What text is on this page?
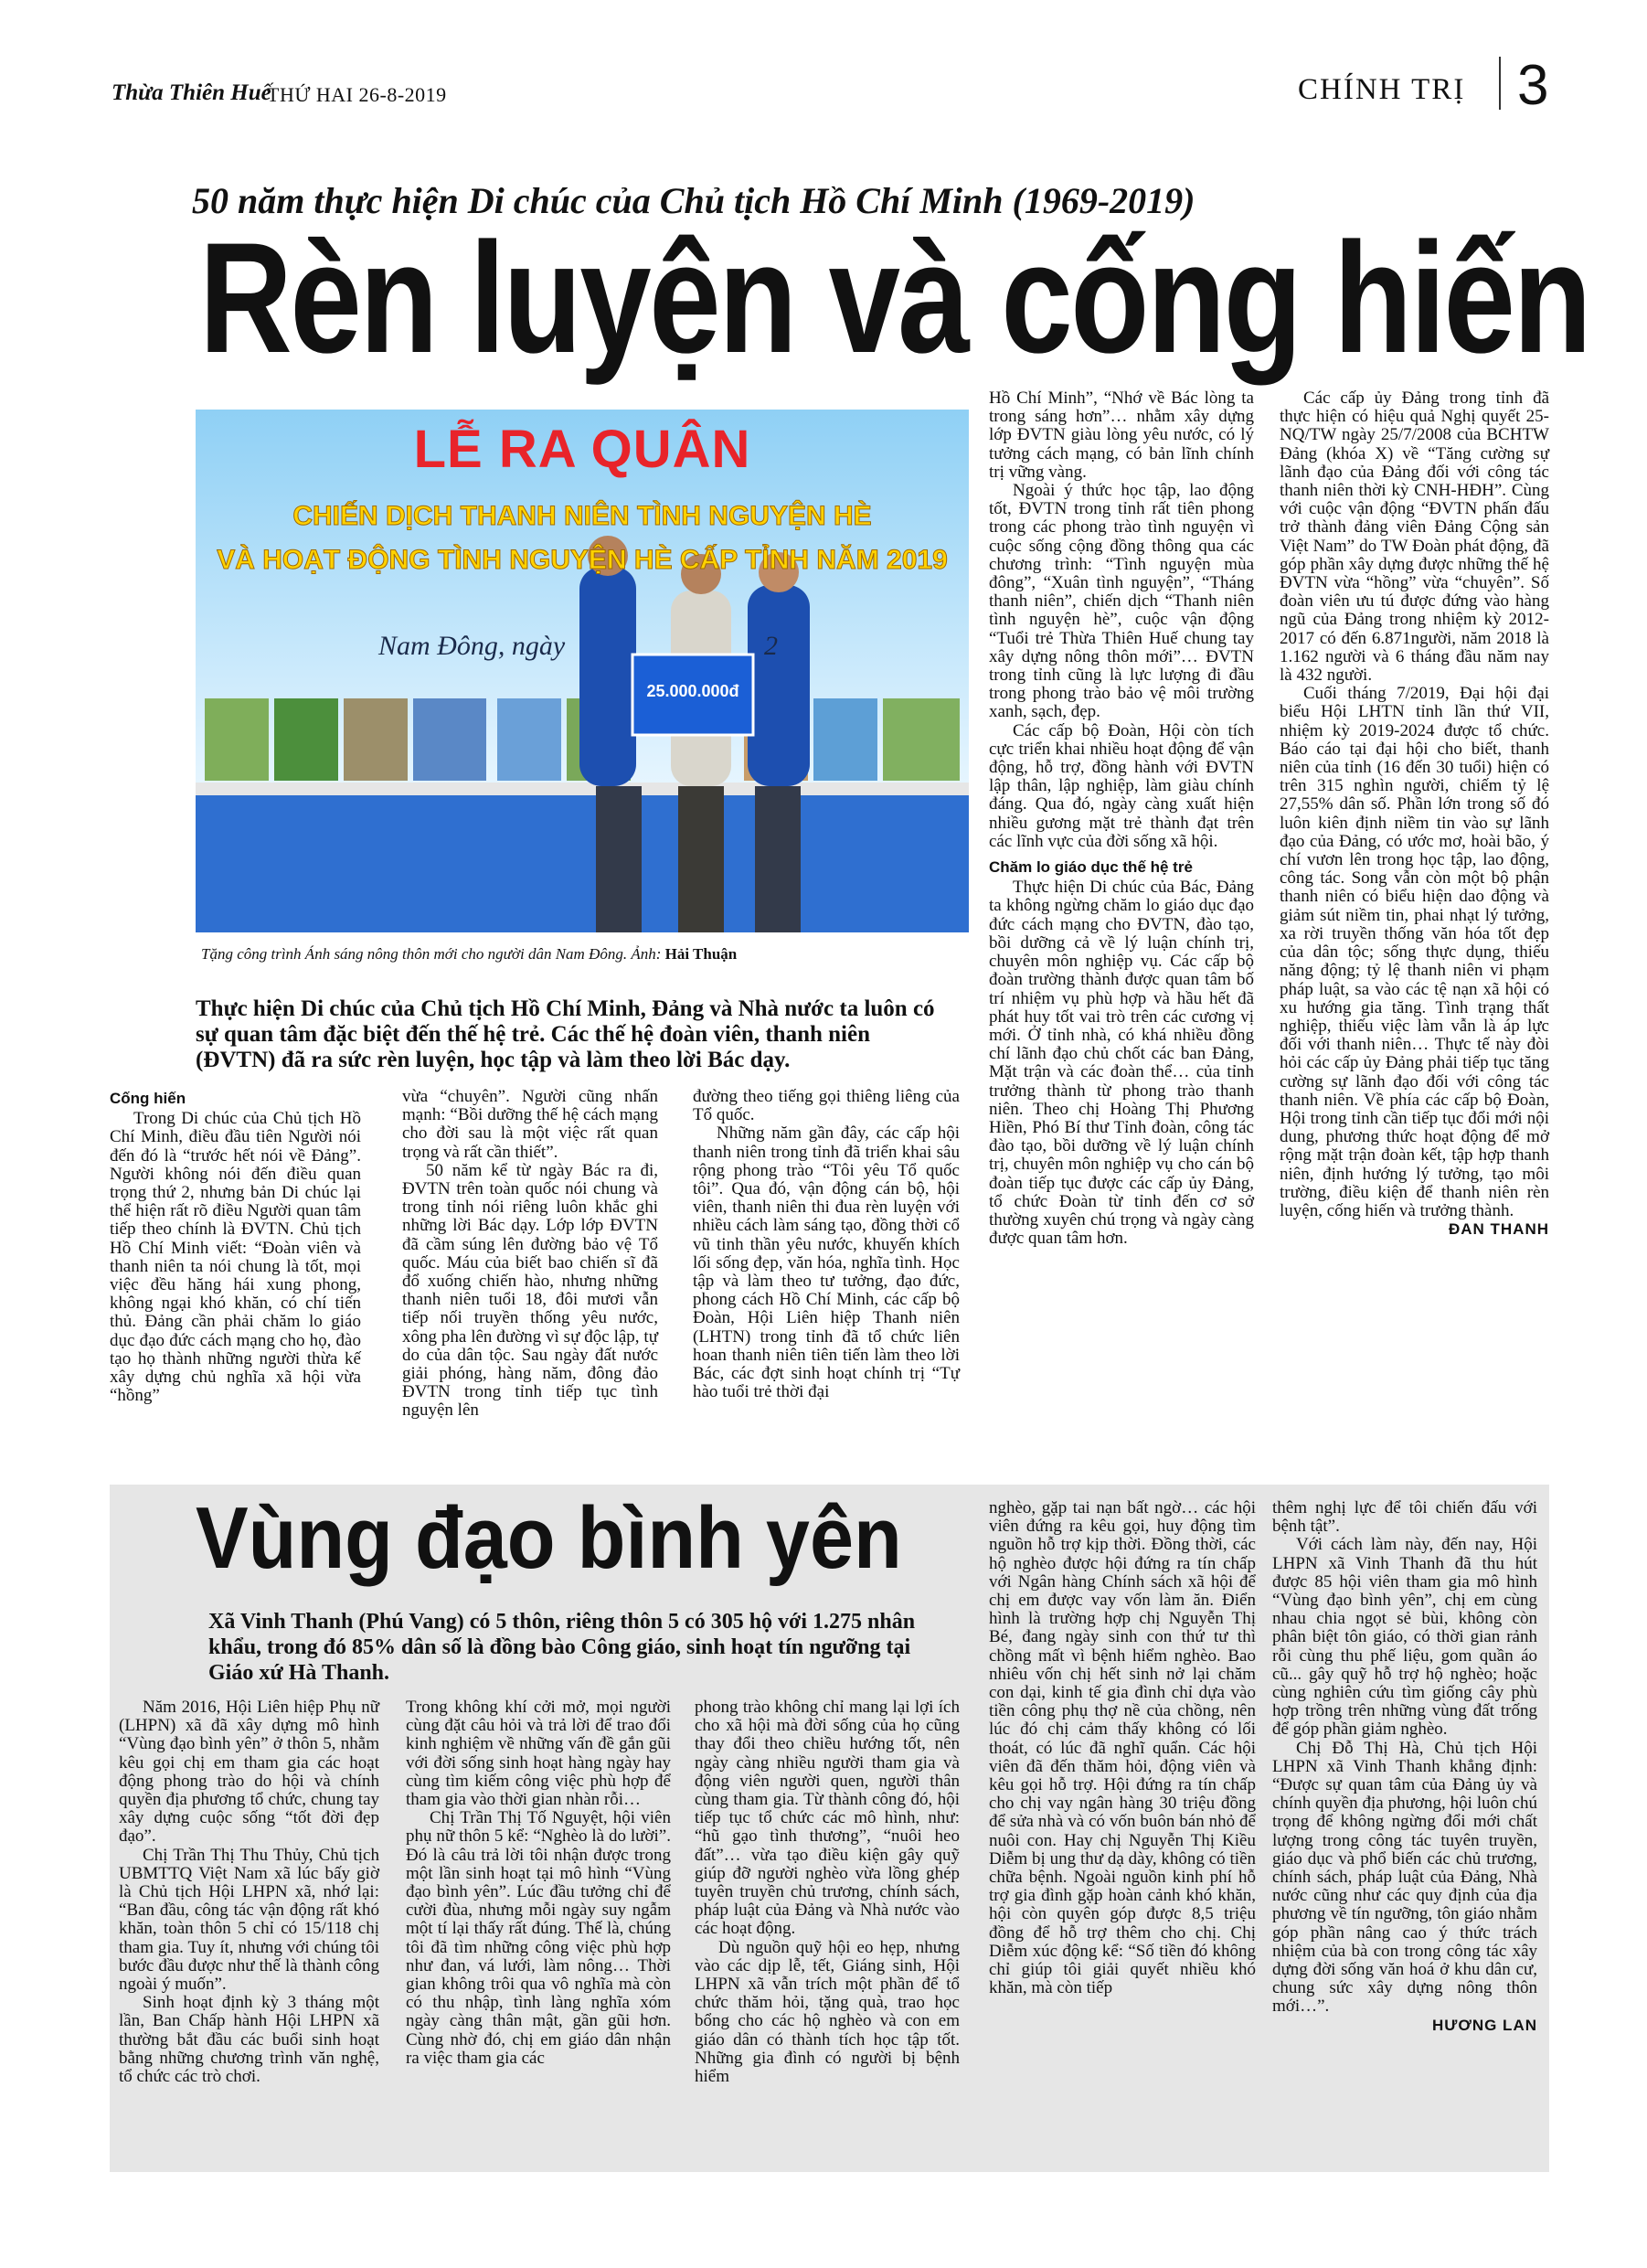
Thừa Thiên Huế
THỨ HAI 26-8-2019	CHÍNH TRỊ 3
50 năm thực hiện Di chúc của Chủ tịch Hồ Chí Minh (1969-2019)
Rèn luyện và cống hiến
LỄ RA QUÂN
CHIẾN DỊCH THANH NIÊN TÌNH NGUYỆN HÈ
VÀ HOẠT ĐỘNG TÌNH NGUYỆN HÈ CẤP TỈNH NĂM 2019
Nam Đông, ngày	2
25.000.000đ
Tặng công trình Ánh sáng nông thôn mới cho người dân Nam Đông. Ảnh: Hải Thuận
Thực hiện Di chúc của Chủ tịch Hồ Chí Minh, Đảng và Nhà nước ta luôn có sự quan tâm đặc biệt đến thế hệ trẻ. Các thế hệ đoàn viên, thanh niên (ĐVTN) đã ra sức rèn luyện, học tập và làm theo lời Bác dạy.
Cống hiến

Trong Di chúc của Chủ tịch Hồ Chí Minh, điều đầu tiên Người nói đến đó là “trước hết nói về Đảng”. Người không nói đến điều quan trọng thứ 2, nhưng bản Di chúc lại thể hiện rất rõ điều Người quan tâm tiếp theo chính là ĐVTN. Chủ tịch Hồ Chí Minh viết: “Đoàn viên và thanh niên ta nói chung là tốt, mọi việc đều hăng hái xung phong, không ngại khó khăn, có chí tiến thủ. Đảng cần phải chăm lo giáo dục đạo đức cách mạng cho họ, đào tạo họ thành những người thừa kế xây dựng chủ nghĩa xã hội vừa “hồng”

vừa “chuyên”. Người cũng nhấn mạnh: “Bồi dưỡng thế hệ cách mạng cho đời sau là một việc rất quan trọng và rất cần thiết”.

50 năm kể từ ngày Bác ra đi, ĐVTN trên toàn quốc nói chung và trong tỉnh nói riêng luôn khắc ghi những lời Bác dạy. Lớp lớp ĐVTN đã cầm súng lên đường bảo vệ Tổ quốc. Máu của biết bao chiến sĩ đã đổ xuống chiến hào, nhưng những thanh niên tuổi 18, đôi mươi vẫn tiếp nối truyền thống yêu nước, xông pha lên đường vì sự độc lập, tự do của dân tộc. Sau ngày đất nước giải phóng, hàng năm, đông đảo ĐVTN trong tỉnh tiếp tục tình nguyện lên

đường theo tiếng gọi thiêng liêng của Tổ quốc.

Những năm gần đây, các cấp hội thanh niên trong tỉnh đã triển khai sâu rộng phong trào “Tôi yêu Tổ quốc tôi”. Qua đó, vận động cán bộ, hội viên, thanh niên thi đua rèn luyện với nhiều cách làm sáng tạo, đồng thời cổ vũ tinh thần yêu nước, khuyến khích lối sống đẹp, văn hóa, nghĩa tình. Học tập và làm theo tư tưởng, đạo đức, phong cách Hồ Chí Minh, các cấp bộ Đoàn, Hội Liên hiệp Thanh niên (LHTN) trong tỉnh đã tổ chức liên hoan thanh niên tiên tiến làm theo lời Bác, các đợt sinh hoạt chính trị “Tự hào tuổi trẻ thời đại

Hồ Chí Minh”, “Nhớ về Bác lòng ta trong sáng hơn”… nhằm xây dựng lớp ĐVTN giàu lòng yêu nước, có lý tưởng cách mạng, có bản lĩnh chính trị vững vàng.

Ngoài ý thức học tập, lao động tốt, ĐVTN trong tỉnh rất tiên phong trong các phong trào tình nguyện vì cuộc sống cộng đồng thông qua các chương trình: “Tình nguyện mùa đông”, “Xuân tình nguyện”, “Tháng thanh niên”, chiến dịch “Thanh niên tình nguyện hè”, cuộc vận động “Tuổi trẻ Thừa Thiên Huế chung tay xây dựng nông thôn mới”… ĐVTN trong tỉnh cũng là lực lượng đi đầu trong phong trào bảo vệ môi trường xanh, sạch, đẹp.

Các cấp bộ Đoàn, Hội còn tích cực triển khai nhiều hoạt động để vận động, hỗ trợ, đồng hành với ĐVTN lập thân, lập nghiệp, làm giàu chính đáng. Qua đó, ngày càng xuất hiện nhiều gương mặt trẻ thành đạt trên các lĩnh vực của đời sống xã hội.

Chăm lo giáo dục thế hệ trẻ

Thực hiện Di chúc của Bác, Đảng ta không ngừng chăm lo giáo dục đạo đức cách mạng cho ĐVTN, đào tạo, bồi dưỡng cả về lý luận chính trị, chuyên môn nghiệp vụ. Các cấp bộ đoàn trường thành được quan tâm bố trí nhiệm vụ phù hợp và hầu hết đã phát huy tốt vai trò trên các cương vị mới. Ở tỉnh nhà, có khá nhiều đồng chí lãnh đạo chủ chốt các ban Đảng, Mặt trận và các đoàn thể… của tỉnh trưởng thành từ phong trào thanh niên. Theo chị Hoàng Thị Phương Hiền, Phó Bí thư Tỉnh đoàn, công tác đào tạo, bồi dưỡng về lý luận chính trị, chuyên môn nghiệp vụ cho cán bộ đoàn tiếp tục được các cấp ủy Đảng, tổ chức Đoàn từ tỉnh đến cơ sở thường xuyên chú trọng và ngày càng được quan tâm hơn.

Các cấp ủy Đảng trong tỉnh đã thực hiện có hiệu quả Nghị quyết 25-NQ/TW ngày 25/7/2008 của BCHTW Đảng (khóa X) về “Tăng cường sự lãnh đạo của Đảng đối với công tác thanh niên thời kỳ CNH-HĐH”. Cùng với cuộc vận động “ĐVTN phấn đấu trở thành đảng viên Đảng Cộng sản Việt Nam” do TW Đoàn phát động, đã góp phần xây dựng được những thế hệ ĐVTN vừa “hồng” vừa “chuyên”. Số đoàn viên ưu tú được đứng vào hàng ngũ của Đảng trong nhiệm kỳ 2012-2017 có đến 6.871người, năm 2018 là 1.162 người và 6 tháng đầu năm nay là 432 người.

Cuối tháng 7/2019, Đại hội đại biểu Hội LHTN tỉnh lần thứ VII, nhiệm kỳ 2019-2024 được tổ chức. Báo cáo tại đại hội cho biết, thanh niên của tỉnh (16 đến 30 tuổi) hiện có trên 315 nghìn người, chiếm tỷ lệ 27,55% dân số. Phần lớn trong số đó luôn kiên định niềm tin vào sự lãnh đạo của Đảng, có ước mơ, hoài bão, ý chí vươn lên trong học tập, lao động, công tác. Song vẫn còn một bộ phận thanh niên có biểu hiện dao động và giảm sút niềm tin, phai nhạt lý tưởng, xa rời truyền thống văn hóa tốt đẹp của dân tộc; sống thực dụng, thiếu năng động; tỷ lệ thanh niên vi phạm pháp luật, sa vào các tệ nạn xã hội có xu hướng gia tăng. Tình trạng thất nghiệp, thiếu việc làm vẫn là áp lực đối với thanh niên… Thực tế này đòi hỏi các cấp ủy Đảng phải tiếp tục tăng cường sự lãnh đạo đối với công tác thanh niên. Về phía các cấp bộ Đoàn, Hội trong tỉnh cần tiếp tục đổi mới nội dung, phương thức hoạt động để mở rộng mặt trận đoàn kết, tập hợp thanh niên, định hướng lý tưởng, tạo môi trường, điều kiện để thanh niên rèn luyện, cống hiến và trưởng thành.

ĐAN THANH
Vùng đạo bình yên
Xã Vinh Thanh (Phú Vang) có 5 thôn, riêng thôn 5 có 305 hộ với 1.275 nhân khẩu, trong đó 85% dân số là đồng bào Công giáo, sinh hoạt tín ngưỡng tại Giáo xứ Hà Thanh.

Năm 2016, Hội Liên hiệp Phụ nữ (LHPN) xã đã xây dựng mô hình “Vùng đạo bình yên” ở thôn 5, nhằm kêu gọi chị em tham gia các hoạt động phong trào do hội và chính quyền địa phương tổ chức, chung tay xây dựng cuộc sống “tốt đời đẹp đạo”.

Chị Trần Thị Thu Thủy, Chủ tịch UBMTTQ Việt Nam xã lúc bấy giờ là Chủ tịch Hội LHPN xã, nhớ lại: “Ban đầu, công tác vận động rất khó khăn, toàn thôn 5 chỉ có 15/118 chị tham gia. Tuy ít, nhưng với chúng tôi bước đầu được như thế là thành công ngoài ý muốn”.

Sinh hoạt định kỳ 3 tháng một lần, Ban Chấp hành Hội LHPN xã thường bắt đầu các buổi sinh hoạt bằng những chương trình văn nghệ, tổ chức các trò chơi.

Trong không khí cởi mở, mọi người cùng đặt câu hỏi và trả lời để trao đổi kinh nghiệm về những vấn đề gắn gũi với đời sống sinh hoạt hàng ngày hay cùng tìm kiếm công việc phù hợp để tham gia vào thời gian nhàn rỗi…

Chị Trần Thị Tố Nguyệt, hội viên phụ nữ thôn 5 kể: “Nghèo là do lười”. Đó là câu trả lời tôi nhận được trong một lần sinh hoạt tại mô hình “Vùng đạo bình yên”. Lúc đầu tưởng chỉ để cười đùa, nhưng mỗi ngày suy ngẫm một tí lại thấy rất đúng. Thế là, chúng tôi đã tìm những công việc phù hợp như đan, vá lưới, làm nông… Thời gian không trôi qua vô nghĩa mà còn có thu nhập, tình làng nghĩa xóm ngày càng thân mật, gần gũi hơn. Cùng nhờ đó, chị em giáo dân nhận ra việc tham gia các

phong trào không chỉ mang lại lợi ích cho xã hội mà đời sống của họ cũng thay đổi theo chiều hướng tốt, nên ngày càng nhiều người tham gia và động viên người quen, người thân cùng tham gia. Từ thành công đó, hội tiếp tục tổ chức các mô hình, như: “hũ gạo tình thương”, “nuôi heo đất”… vừa tạo điều kiện gây quỹ giúp đỡ người nghèo vừa lồng ghép tuyên truyền chủ trương, chính sách, pháp luật của Đảng và Nhà nước vào các hoạt động.

Dù nguồn quỹ hội eo hẹp, nhưng vào các dịp lễ, tết, Giáng sinh, Hội LHPN xã vẫn trích một phần để tổ chức thăm hỏi, tặng quà, trao học bổng cho các hộ nghèo và con em giáo dân có thành tích học tập tốt. Những gia đình có người bị bệnh hiểm

nghèo, gặp tai nạn bất ngờ… các hội viên đứng ra kêu gọi, huy động tìm nguồn hỗ trợ kịp thời. Đồng thời, các hộ nghèo được hội đứng ra tín chấp với Ngân hàng Chính sách xã hội để chị em được vay vốn làm ăn. Điển hình là trường hợp chị Nguyễn Thị Bé, đang ngày sinh con thứ tư thì chồng mất vì bệnh hiểm nghèo. Bao nhiêu vốn chị hết sinh nở lại chăm con dại, kinh tế gia đình chỉ dựa vào tiền công phụ thợ nề của chồng, nên lúc đó chị cảm thấy không có lối thoát, có lúc đã nghĩ quẩn. Các hội viên đã đến thăm hỏi, động viên và kêu gọi hỗ trợ. Hội đứng ra tín chấp cho chị vay ngân hàng 30 triệu đồng để sửa nhà và có vốn buôn bán nhỏ để nuôi con. Hay chị Nguyễn Thị Kiều Diễm bị ung thư dạ dày, không có tiền chữa bệnh. Ngoài nguồn kinh phí hỗ trợ gia đình gặp hoàn cảnh khó khăn, hội còn quyên góp được 8,5 triệu đồng để hỗ trợ thêm cho chị. Chị Diễm xúc động kể: “Số tiền đó không chỉ giúp tôi giải quyết nhiều khó khăn, mà còn tiếp

thêm nghị lực để tôi chiến đấu với bệnh tật”.

Với cách làm này, đến nay, Hội LHPN xã Vinh Thanh đã thu hút được 85 hội viên tham gia mô hình “Vùng đạo bình yên”, chị em cùng nhau chia ngọt sẻ bùi, không còn phân biệt tôn giáo, có thời gian rảnh rỗi cùng thu phế liệu, gom quần áo cũ... gây quỹ hỗ trợ hộ nghèo; hoặc cùng nghiên cứu tìm giống cây phù hợp trồng trên những vùng đất trống để góp phần giảm nghèo.

Chị Đỗ Thị Hà, Chủ tịch Hội LHPN xã Vinh Thanh khẳng định: “Được sự quan tâm của Đảng ủy và chính quyền địa phương, hội luôn chú trọng để không ngừng đổi mới chất lượng trong công tác tuyên truyền, giáo dục và phổ biến các chủ trương, chính sách, pháp luật của Đảng, Nhà nước cũng như các quy định của địa phương về tín ngưỡng, tôn giáo nhằm góp phần nâng cao ý thức trách nhiệm của bà con trong công tác xây dựng đời sống văn hoá ở khu dân cư, chung sức xây dựng nông thôn mới…”.

HƯƠNG LAN
